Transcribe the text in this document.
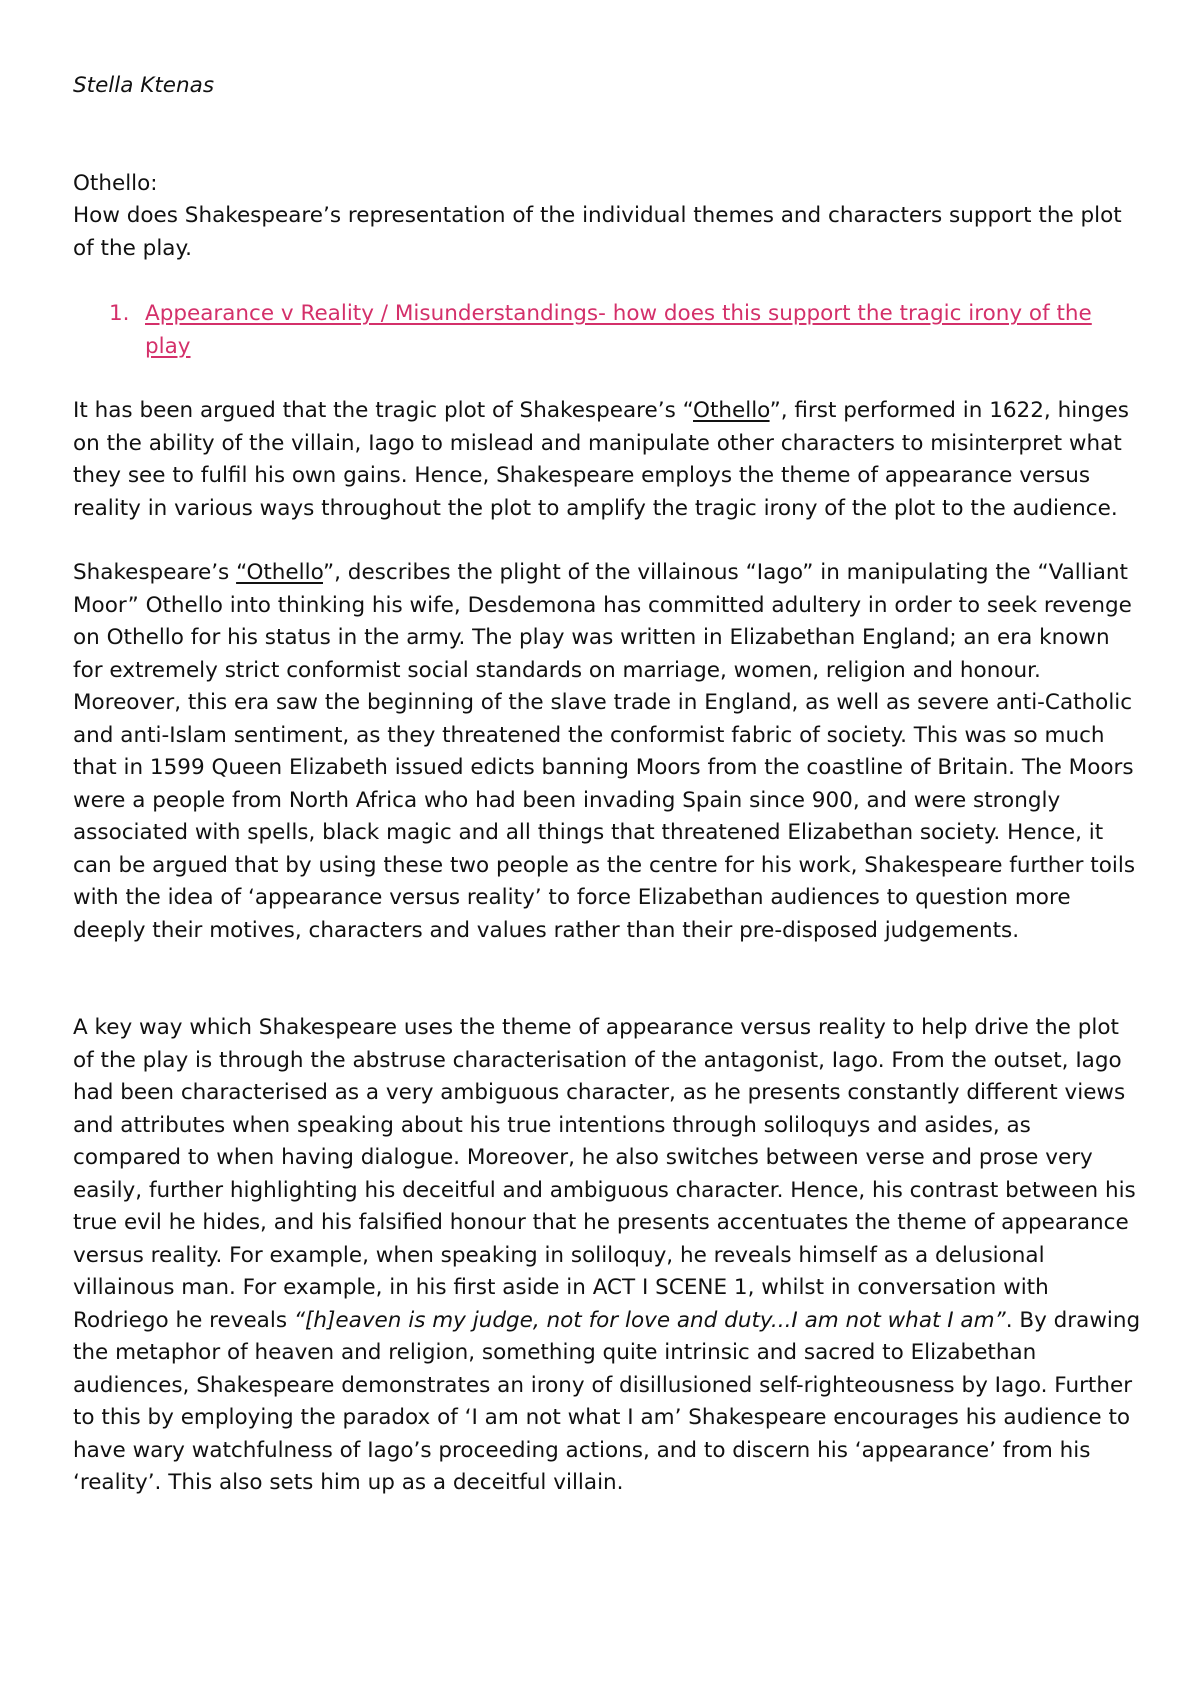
Stella Ktenas

Othello:

How does Shakespeare’s representation of the individual themes and characters support the plot of the play.

1. Appearance v Reality / Misunderstandings- how does this support the tragic irony of the play

It has been argued that the tragic plot of Shakespeare’s “Othello”, first performed in 1622, hinges on the ability of the villain, Iago to mislead and manipulate other characters to misinterpret what they see to fulfil his own gains. Hence, Shakespeare employs the theme of appearance versus reality in various ways throughout the plot to amplify the tragic irony of the plot to the audience.

Shakespeare’s “Othello”, describes the plight of the villainous “Iago” in manipulating the “Valliant Moor” Othello into thinking his wife, Desdemona has committed adultery in order to seek revenge on Othello for his status in the army. The play was written in Elizabethan England; an era known for extremely strict conformist social standards on marriage, women, religion and honour. Moreover, this era saw the beginning of the slave trade in England, as well as severe anti-Catholic and anti-Islam sentiment, as they threatened the conformist fabric of society. This was so much that in 1599 Queen Elizabeth issued edicts banning Moors from the coastline of Britain. The Moors were a people from North Africa who had been invading Spain since 900, and were strongly associated with spells, black magic and all things that threatened Elizabethan society. Hence, it can be argued that by using these two people as the centre for his work, Shakespeare further toils with the idea of ‘appearance versus reality’ to force Elizabethan audiences to question more deeply their motives, characters and values rather than their pre-disposed judgements.

A key way which Shakespeare uses the theme of appearance versus reality to help drive the plot of the play is through the abstruse characterisation of the antagonist, Iago. From the outset, Iago had been characterised as a very ambiguous character, as he presents constantly different views and attributes when speaking about his true intentions through soliloquys and asides, as compared to when having dialogue. Moreover, he also switches between verse and prose very easily, further highlighting his deceitful and ambiguous character. Hence, his contrast between his true evil he hides, and his falsified honour that he presents accentuates the theme of appearance versus reality. For example, when speaking in soliloquy, he reveals himself as a delusional villainous man. For example, in his first aside in ACT I SCENE 1, whilst in conversation with Rodriego he reveals “[h]eaven is my judge, not for love and duty...I am not what I am”. By drawing the metaphor of heaven and religion, something quite intrinsic and sacred to Elizabethan audiences, Shakespeare demonstrates an irony of disillusioned self-righteousness by Iago. Further to this by employing the paradox of ‘I am not what I am’ Shakespeare encourages his audience to have wary watchfulness of Iago’s proceeding actions, and to discern his ‘appearance’ from his ‘reality’. This also sets him up as a deceitful villain.
